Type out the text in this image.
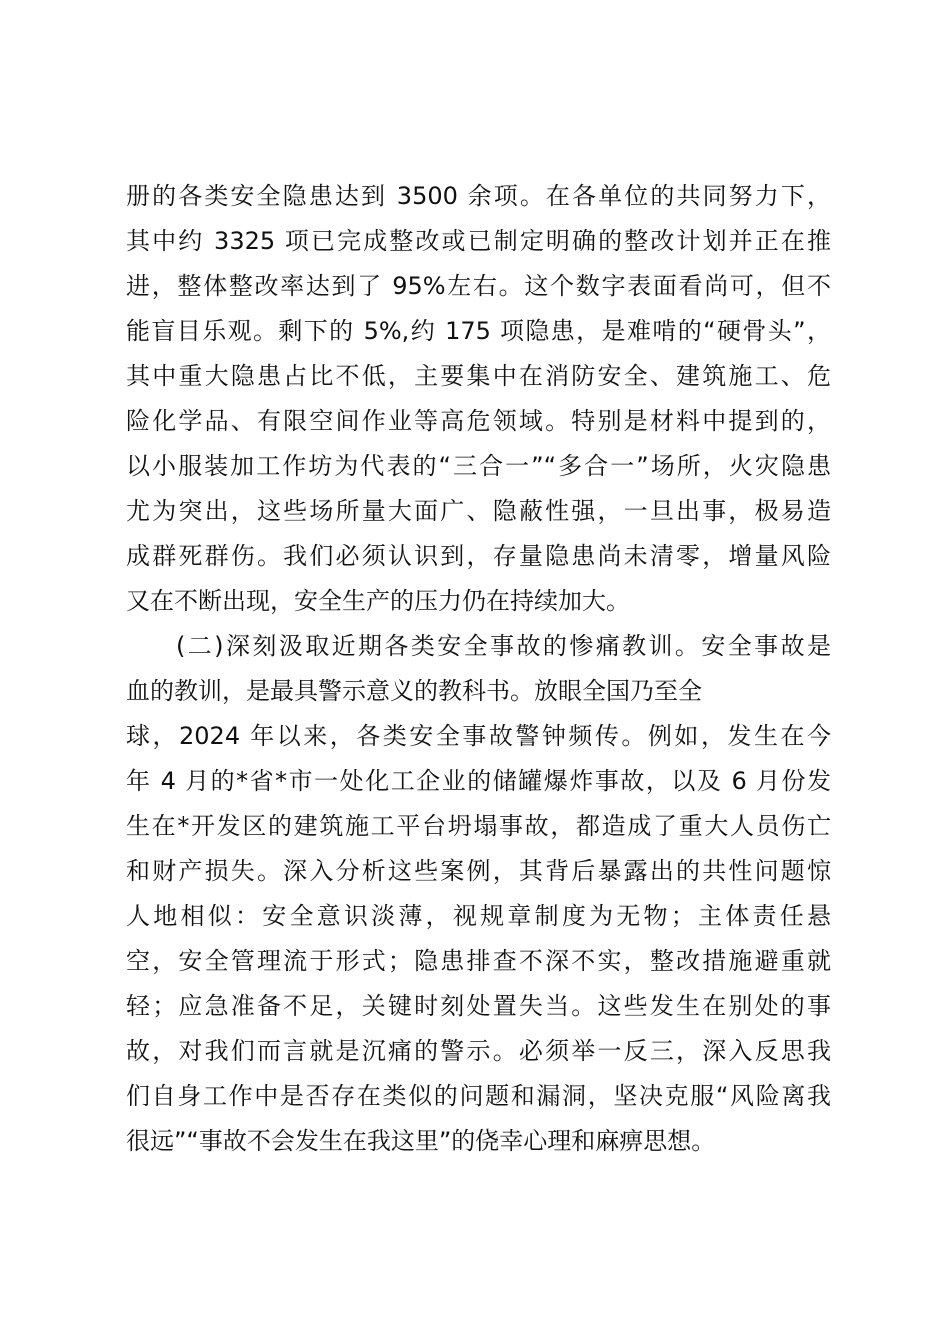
册的各类安全隐患达到 3500 余项。在各单位的共同努力下，
其中约 3325 项已完成整改或已制定明确的整改计划并正在推
进，整体整改率达到了 95%左右。这个数字表面看尚可，但不
能盲目乐观。剩下的 5%,约 175 项隐患，是难啃的“硬骨头”，
其中重大隐患占比不低，主要集中在消防安全、建筑施工、危
险化学品、有限空间作业等高危领域。特别是材料中提到的，
以小服装加工作坊为代表的“三合一”“多合一”场所，火灾隐患
尤为突出，这些场所量大面广、隐蔽性强，一旦出事，极易造
成群死群伤。我们必须认识到，存量隐患尚未清零，增量风险
又在不断出现，安全生产的压力仍在持续加大。
(二)深刻汲取近期各类安全事故的惨痛教训。安全事故是
血的教训，是最具警示意义的教科书。放眼全国乃至全
球，2024 年以来，各类安全事故警钟频传。例如，发生在今
年 4 月的*省*市一处化工企业的储罐爆炸事故，以及 6 月份发
生在*开发区的建筑施工平台坍塌事故，都造成了重大人员伤亡
和财产损失。深入分析这些案例，其背后暴露出的共性问题惊
人地相似：安全意识淡薄，视规章制度为无物；主体责任悬
空，安全管理流于形式；隐患排查不深不实，整改措施避重就
轻；应急准备不足，关键时刻处置失当。这些发生在别处的事
故，对我们而言就是沉痛的警示。必须举一反三，深入反思我
们自身工作中是否存在类似的问题和漏洞，坚决克服“风险离我
很远”“事故不会发生在我这里”的侥幸心理和麻痹思想。
